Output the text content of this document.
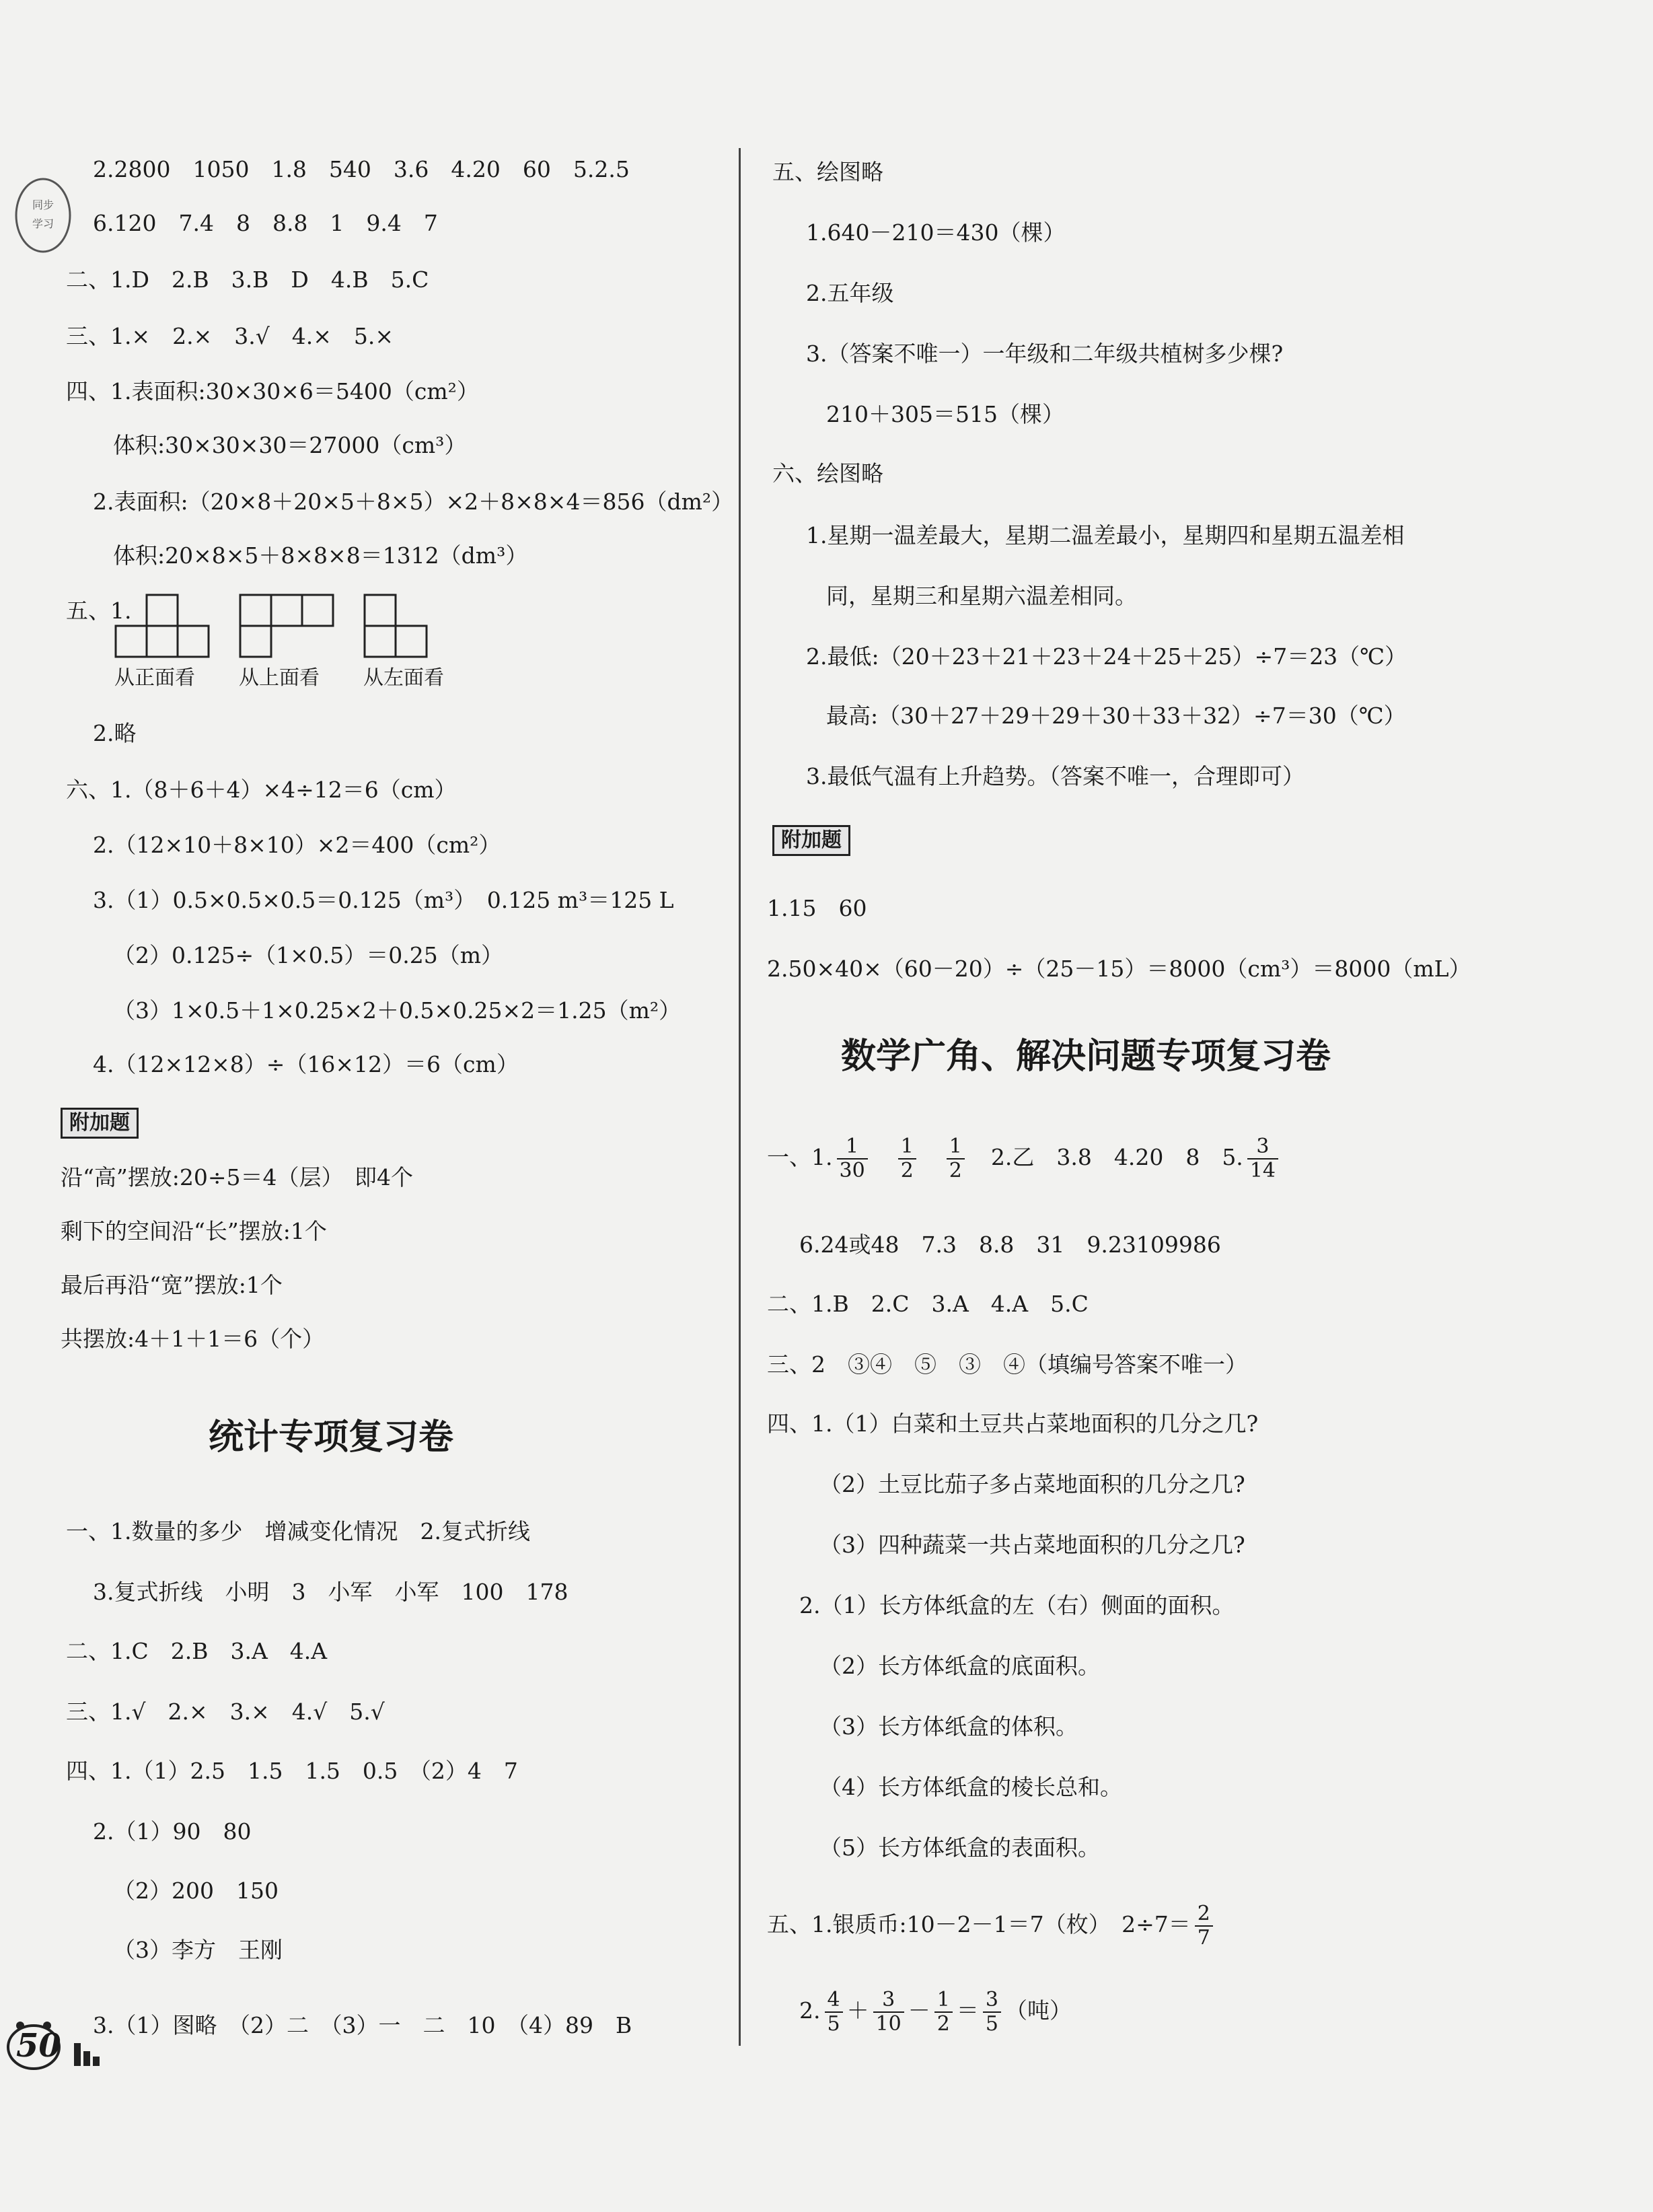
同步
学习
2.2800　1050　1.8　540　3.6　4.20　60　5.2.5
6.120　7.4　8　8.8　1　9.4　7
二、1.D　2.B　3.B　D　4.B　5.C
三、1.×　2.×　3.√　4.×　5.×
四、1.表面积:30×30×6＝5400（cm²）
体积:30×30×30＝27000（cm³）
2.表面积:（20×8＋20×5＋8×5）×2＋8×8×4＝856（dm²）
体积:20×8×5＋8×8×8＝1312（dm³）
五、1.
从正面看 从上面看 从左面看
2.略
六、1.（8＋6＋4）×4÷12＝6（cm）
2.（12×10＋8×10）×2＝400（cm²）
3.（1）0.5×0.5×0.5＝0.125（m³）　0.125 m³＝125 L
（2）0.125÷（1×0.5）＝0.25（m）
（3）1×0.5＋1×0.25×2＋0.5×0.25×2＝1.25（m²）
4.（12×12×8）÷（16×12）＝6（cm）
附加题
沿“高”摆放:20÷5＝4（层）　即4个
剩下的空间沿“长”摆放:1个
最后再沿“宽”摆放:1个
共摆放:4＋1＋1＝6（个）
统计专项复习卷
一、1.数量的多少　增减变化情况　2.复式折线
3.复式折线　小明　3　小军　小军　100　178
二、1.C　2.B　3.A　4.A
三、1.√　2.×　3.×　4.√　5.√
四、1.（1）2.5　1.5　1.5　0.5　（2）4　7
2.（1）90　80
（2）200　150
（3）李方　王刚
3.（1）图略　（2）二　（3）一　二　10　（4）89　B
五、绘图略
1.640－210＝430（棵）
2.五年级
3.（答案不唯一）一年级和二年级共植树多少棵?
210＋305＝515（棵）
六、绘图略
1.星期一温差最大，星期二温差最小，星期四和星期五温差相
同，星期三和星期六温差相同。
2.最低:（20＋23＋21＋23＋24＋25＋25）÷7＝23（℃）
最高:（30＋27＋29＋29＋30＋33＋32）÷7＝30（℃）
3.最低气温有上升趋势。（答案不唯一，合理即可）
附加题
1.15　60
2.50×40×（60－20）÷（25－15）＝8000（cm³）＝8000（mL）
数学广角、解决问题专项复习卷
一、1. $\frac{1}{30}$
　 $\frac{1}{2}$
　 $\frac{1}{2}$
　 2.乙　3.8　4.20　8　5. $\frac{3}{14}$
6.24或48　7.3　8.8　31　9.23109986
二、1.B　2.C　3.A　4.A　5.C
三、2　③④　⑤　③　④（填编号答案不唯一）
四、1.（1）白菜和土豆共占菜地面积的几分之几?
（2）土豆比茄子多占菜地面积的几分之几?
（3）四种蔬菜一共占菜地面积的几分之几?
2.（1）长方体纸盒的左（右）侧面的面积。
（2）长方体纸盒的底面积。
（3）长方体纸盒的体积。
（4）长方体纸盒的棱长总和。
（5）长方体纸盒的表面积。
五、1.银质币:10－2－1＝7（枚）　$2\div 7= \frac{2}{7}$
2. $\frac{4}{5} + \frac{3}{10} - \frac{1}{2} = \frac{3}{5}$ （吨）
50
